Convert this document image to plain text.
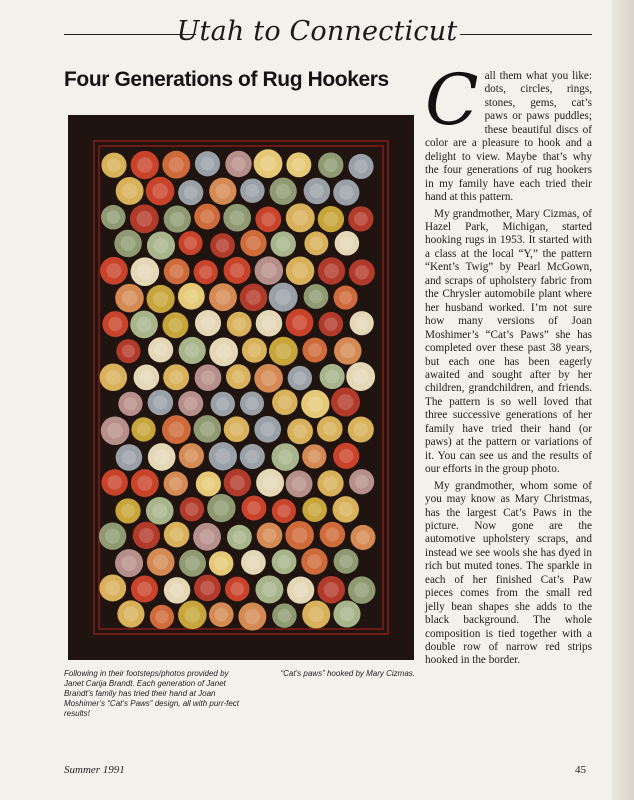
Utah to Connecticut
Four Generations of Rug Hookers
Following in their footsteps/photos provided by Janet Carija Brandt. Each generation of Janet Brandt’s family has tried their hand at Joan Moshimer’s “Cat’s Paws” design, all with purr-fect results!
“Cat’s paws” hooked by Mary Cizmas.

Call them what you like: dots, circles, rings, stones, gems, cat’s paws or paws puddles; these beautiful discs of color are a pleasure to hook and a delight to view. Maybe that’s why the four generations of rug hookers in my family have each tried their hand at this pattern.

My grandmother, Mary Cizmas, of Hazel Park, Michigan, started hooking rugs in 1953. It started with a class at the local “Y,” the pattern “Kent’s Twig” by Pearl McGown, and scraps of upholstery fabric from the Chrysler automobile plant where her husband worked. I’m not sure how many versions of Joan Moshimer’s “Cat’s Paws” she has completed over these past 38 years, but each one has been eagerly awaited and sought after by her children, grandchildren, and friends. The pattern is so well loved that three successive generations of her family have tried their hand (or paws) at the pattern or variations of it. You can see us and the results of our efforts in the group photo.

My grandmother, whom some of you may know as Mary Christmas, has the largest Cat’s Paws in the picture. Now gone are the automotive upholstery scraps, and instead we see wools she has dyed in rich but muted tones. The sparkle in each of her finished Cat’s Paw pieces comes from the small red jelly bean shapes she adds to the black background. The whole composition is tied together with a double row of narrow red strips hooked in the border.

Summer 1991	45
